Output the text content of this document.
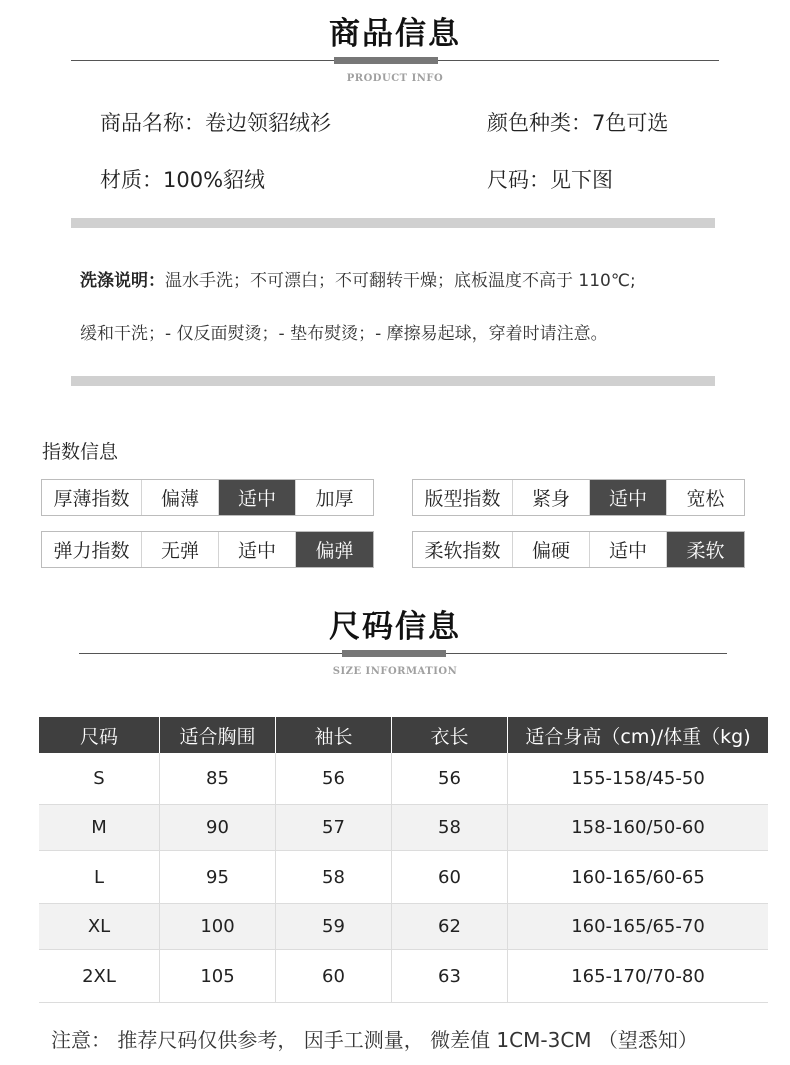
商品信息
PRODUCT INFO
商品名称：卷边领貂绒衫	颜色种类：7色可选
材质：100%貂绒	尺码：见下图
洗涤说明：温水手洗；不可漂白；不可翻转干燥；底板温度不高于 110℃;
缓和干洗；- 仅反面熨烫；- 垫布熨烫；- 摩擦易起球，穿着时请注意。
指数信息
厚薄指数	偏薄	适中	加厚	版型指数	紧身	适中	宽松
弹力指数	无弹	适中	偏弹	柔软指数	偏硬	适中	柔软
尺码信息
SIZE INFORMATION
尺码	适合胸围	袖长	衣长	适合身高（cm)/体重（kg)
S	85	56	56	155-158/45-50
M	90	57	58	158-160/50-60
L	95	58	60	160-165/60-65
XL	100	59	62	160-165/65-70
2XL	105	60	63	165-170/70-80
注意： 推荐尺码仅供参考， 因手工测量， 微差值 1CM-3CM （望悉知）
